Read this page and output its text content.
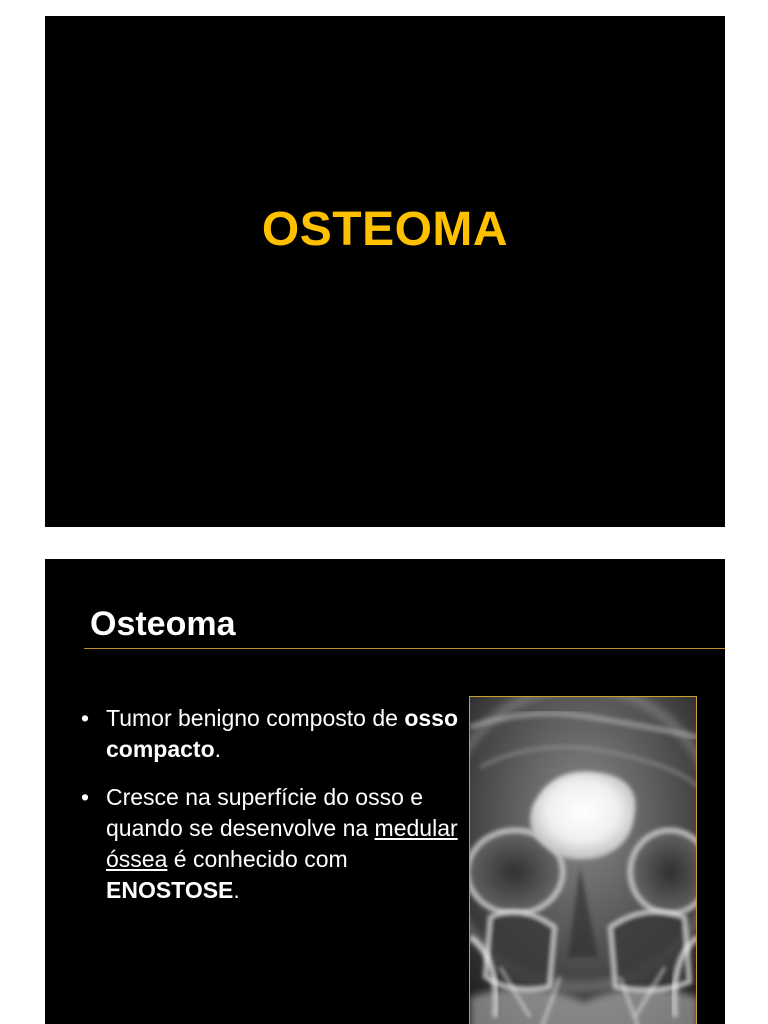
OSTEOMA
Osteoma
• Tumor benigno composto de osso compacto.
• Cresce na superfície do osso e quando se desenvolve na medular óssea é conhecido com ENOSTOSE.
